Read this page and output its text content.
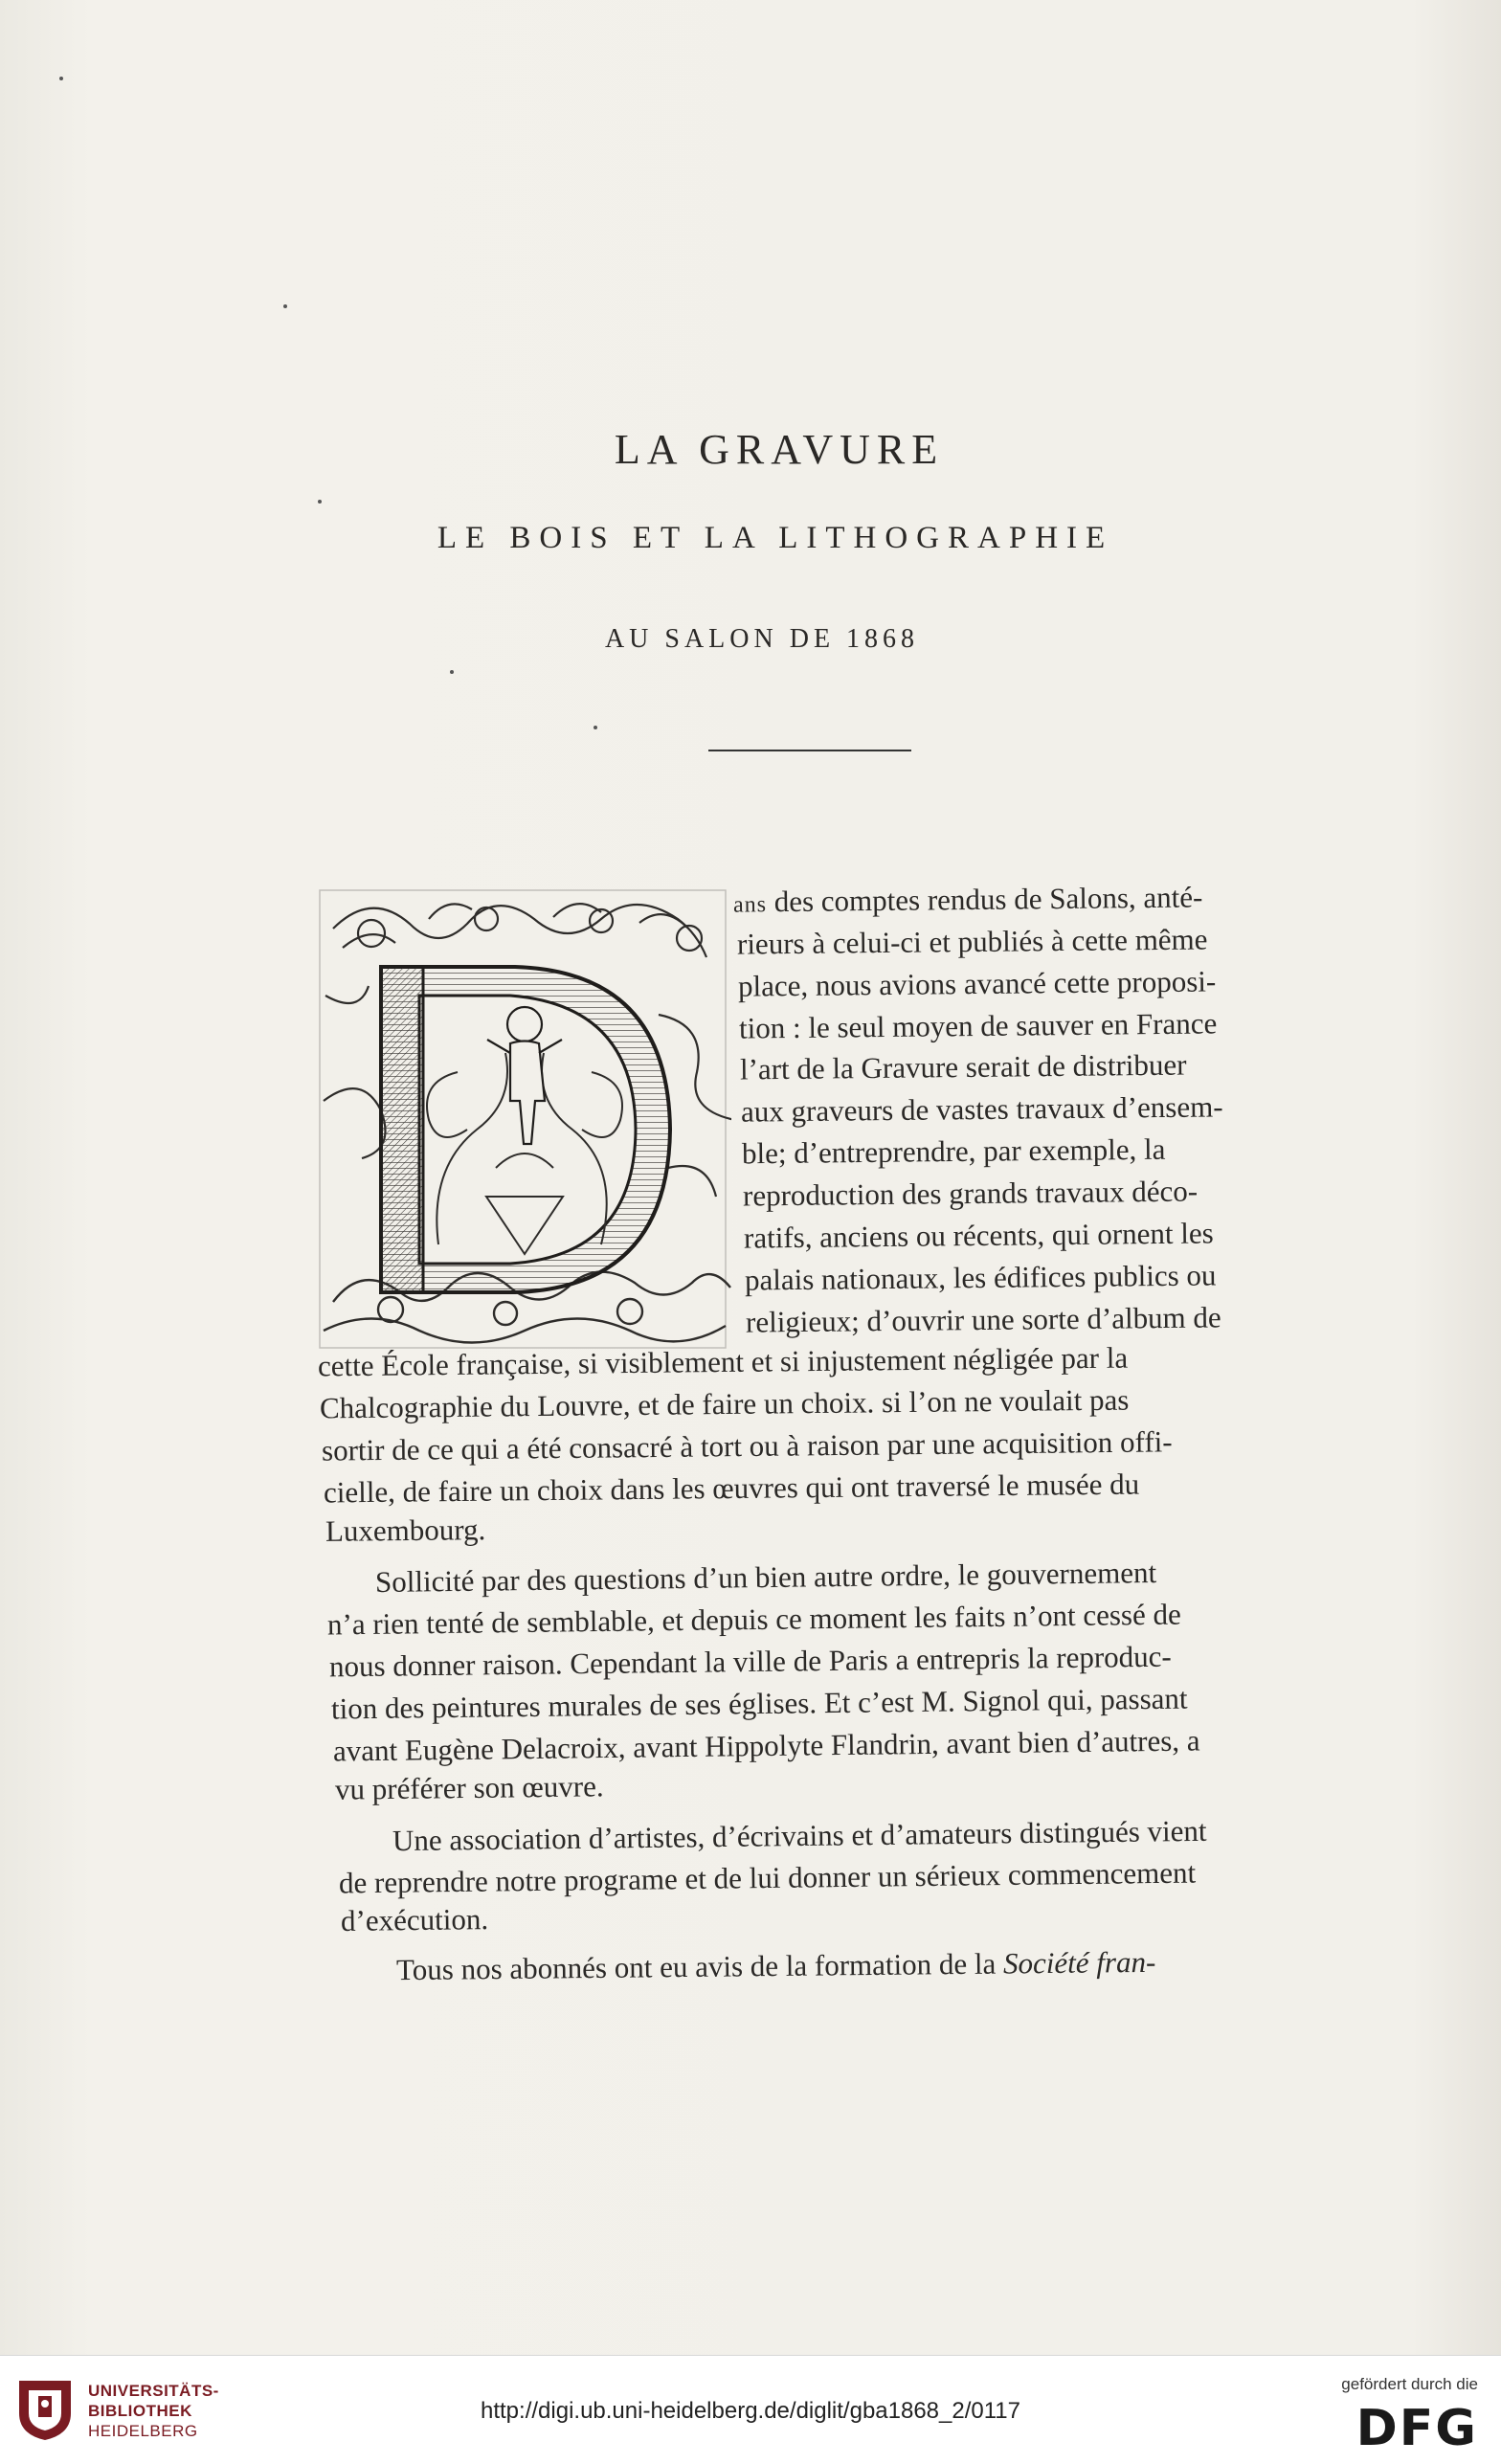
LA GRAVURE
LE BOIS ET LA LITHOGRAPHIE
AU SALON DE 1868
ans des comptes rendus de Salons, anté-
rieurs à celui-ci et publiés à cette même
place, nous avions avancé cette proposi-
tion : le seul moyen de sauver en France
l’art de la Gravure serait de distribuer
aux graveurs de vastes travaux d’ensem-
ble; d’entreprendre, par exemple, la
reproduction des grands travaux déco-
ratifs, anciens ou récents, qui ornent les
palais nationaux, les édifices publics ou
religieux; d’ouvrir une sorte d’album de
cette École française, si visiblement et si injustement négligée par la
Chalcographie du Louvre, et de faire un choix. si l’on ne voulait pas
sortir de ce qui a été consacré à tort ou à raison par une acquisition offi-
cielle, de faire un choix dans les œuvres qui ont traversé le musée du
Luxembourg.
Sollicité par des questions d’un bien autre ordre, le gouvernement
n’a rien tenté de semblable, et depuis ce moment les faits n’ont cessé de
nous donner raison. Cependant la ville de Paris a entrepris la reproduc-
tion des peintures murales de ses églises. Et c’est M. Signol qui, passant
avant Eugène Delacroix, avant Hippolyte Flandrin, avant bien d’autres, a
vu préférer son œuvre.
Une association d’artistes, d’écrivains et d’amateurs distingués vient
de reprendre notre programe et de lui donner un sérieux commencement
d’exécution.
Tous nos abonnés ont eu avis de la formation de la Société fran-
UNIVERSITÄTS-
BIBLIOTHEK
HEIDELBERG
http://digi.ub.uni-heidelberg.de/diglit/gba1868_2/0117
gefördert durch die
DFG
